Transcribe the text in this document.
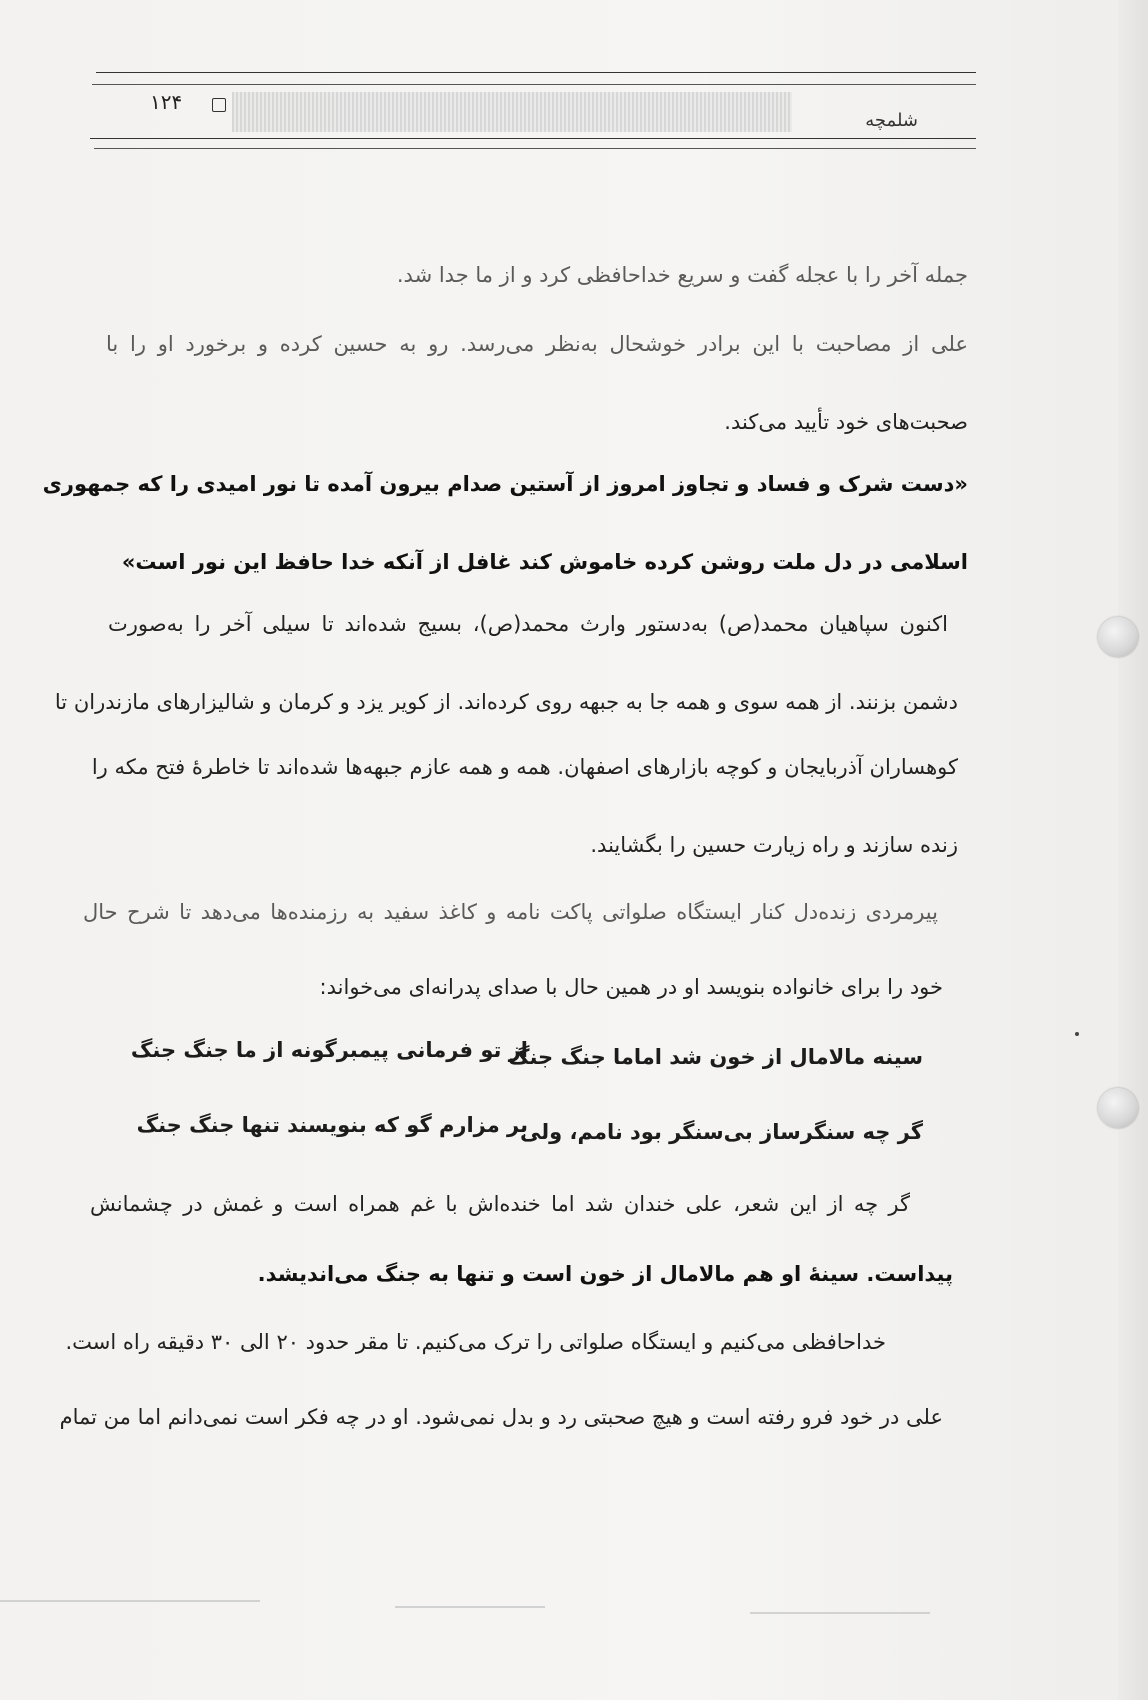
۱۲۴
شلمچه
جمله آخر را با عجله گفت و سریع خداحافظی کرد و از ما جدا شد.
علی از مصاحبت با این برادر خوشحال به‌نظر می‌رسد. رو به حسین کرده و برخورد او را با
صحبت‌های خود تأیید می‌کند.
«دست شرک و فساد و تجاوز امروز از آستین صدام بیرون آمده تا نور امیدی را که جمهوری
اسلامی در دل ملت روشن کرده خاموش کند غافل از آنکه خدا حافظ این نور است»
اکنون سپاهیان محمد(ص) به‌دستور وارث محمد(ص)، بسیج شده‌اند تا سیلی آخر را به‌صورت
دشمن بزنند. از همه سوی و همه جا به جبهه روی کرده‌اند. از کویر یزد و کرمان و شالیزارهای مازندران تا
کوهساران آذربایجان و کوچه بازارهای اصفهان. همه و همه عازم جبهه‌ها شده‌اند تا خاطرهٔ فتح مکه را
زنده سازند و راه زیارت حسین را بگشایند.
پیرمردی زنده‌دل کنار ایستگاه صلواتی پاکت نامه و کاغذ سفید به رزمنده‌ها می‌دهد تا شرح حال
خود را برای خانواده بنویسد او در همین حال با صدای پدرانه‌ای می‌خواند:
سینه مالامال از خون شد اماما جنگ جنگ
از تو فرمانی پیمبرگونه از ما جنگ جنگ
گر چه سنگرساز بی‌سنگر بود نامم، ولی
بر مزارم گو که بنویسند تنها جنگ جنگ
گر چه از این شعر، علی خندان شد اما خنده‌اش با غم همراه است و غمش در چشمانش
پیداست. سینهٔ او هم مالامال از خون است و تنها به جنگ می‌اندیشد.
خداحافظی می‌کنیم و ایستگاه صلواتی را ترک می‌کنیم. تا مقر حدود ۲۰ الی ۳۰ دقیقه راه است.
علی در خود فرو رفته است و هیچ صحبتی رد و بدل نمی‌شود. او در چه فکر است نمی‌دانم اما من تمام
